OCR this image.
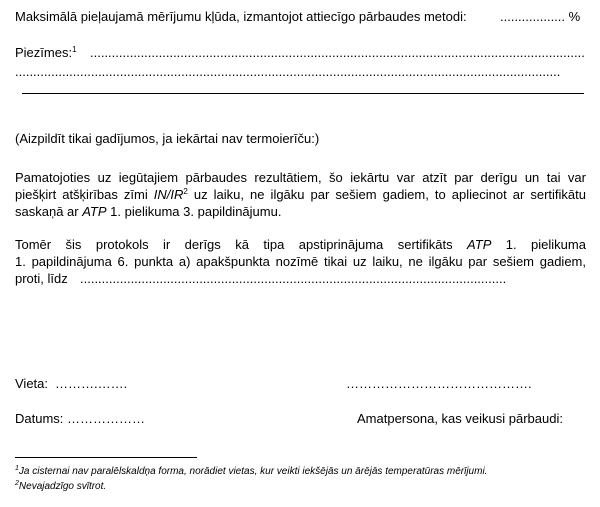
Maksimālā pieļaujamā mērījumu kļūda, izmantojot attiecīgo pārbaudes metodi:	.................. %
Piezīmes:$^1$ .........................................................................................................................................
.......................................................................................................................................................
(Aizpildīt tikai gadījumos, ja iekārtai nav termoierīču:)
Pamatojoties uz iegūtajiem pārbaudes rezultātiem, šo iekārtu var atzīt par derīgu un tai var
piešķirt atšķirības zīmi $IN/IR^2$ uz laiku, ne ilgāku par sešiem gadiem, to apliecinot ar sertifikātu
saskaņā ar ATP 1. pielikuma 3. papildinājumu.
Tomēr šis protokols ir derīgs kā tipa apstiprinājuma sertifikāts ATP 1. pielikuma
1. papildinājuma 6. punkta a) apakšpunkta nozīmē tikai uz laiku, ne ilgāku par sešiem gadiem,
proti, līdz ......................................................................................................................
Vieta: ……….…….	…………………………………….
Datums: ………………	Amatpersona, kas veikusi pārbaudi:
$^1$Ja cisternai nav paralēlskaldņa forma, norādiet vietas, kur veikti iekšējās un ārējās temperatūras mērījumi.
$^2$Nevajadzīgo svītrot.
